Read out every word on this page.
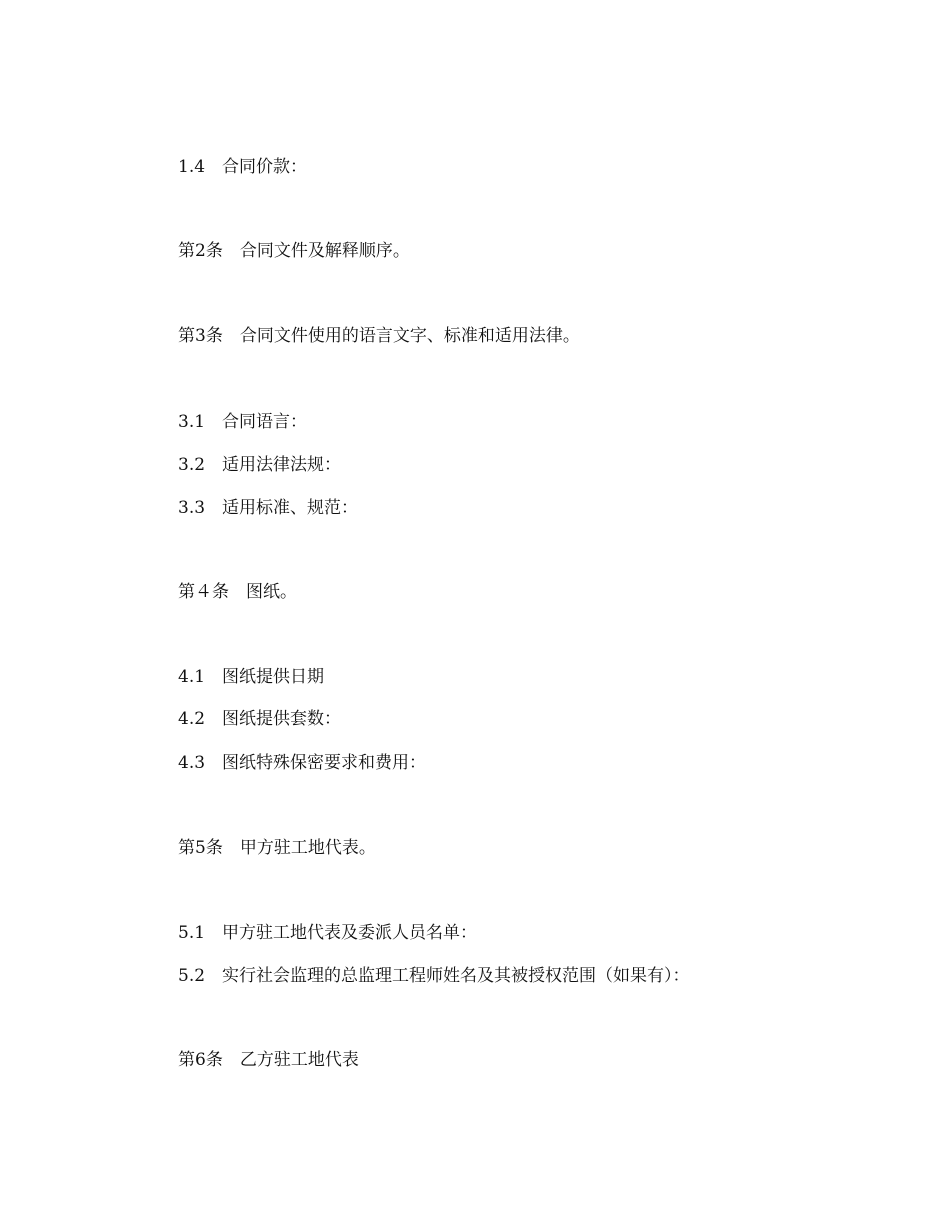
1.4　合同价款：
第2条　合同文件及解释顺序。
第3条　合同文件使用的语言文字、标准和适用法律。
3.1　合同语言：
3.2　适用法律法规：
3.3　适用标准、规范：
第４条　图纸。
4.1　图纸提供日期
4.2　图纸提供套数：
4.3　图纸特殊保密要求和费用：
第5条　甲方驻工地代表。
5.1　甲方驻工地代表及委派人员名单：
5.2　实行社会监理的总监理工程师姓名及其被授权范围（如果有）：
第6条　乙方驻工地代表
